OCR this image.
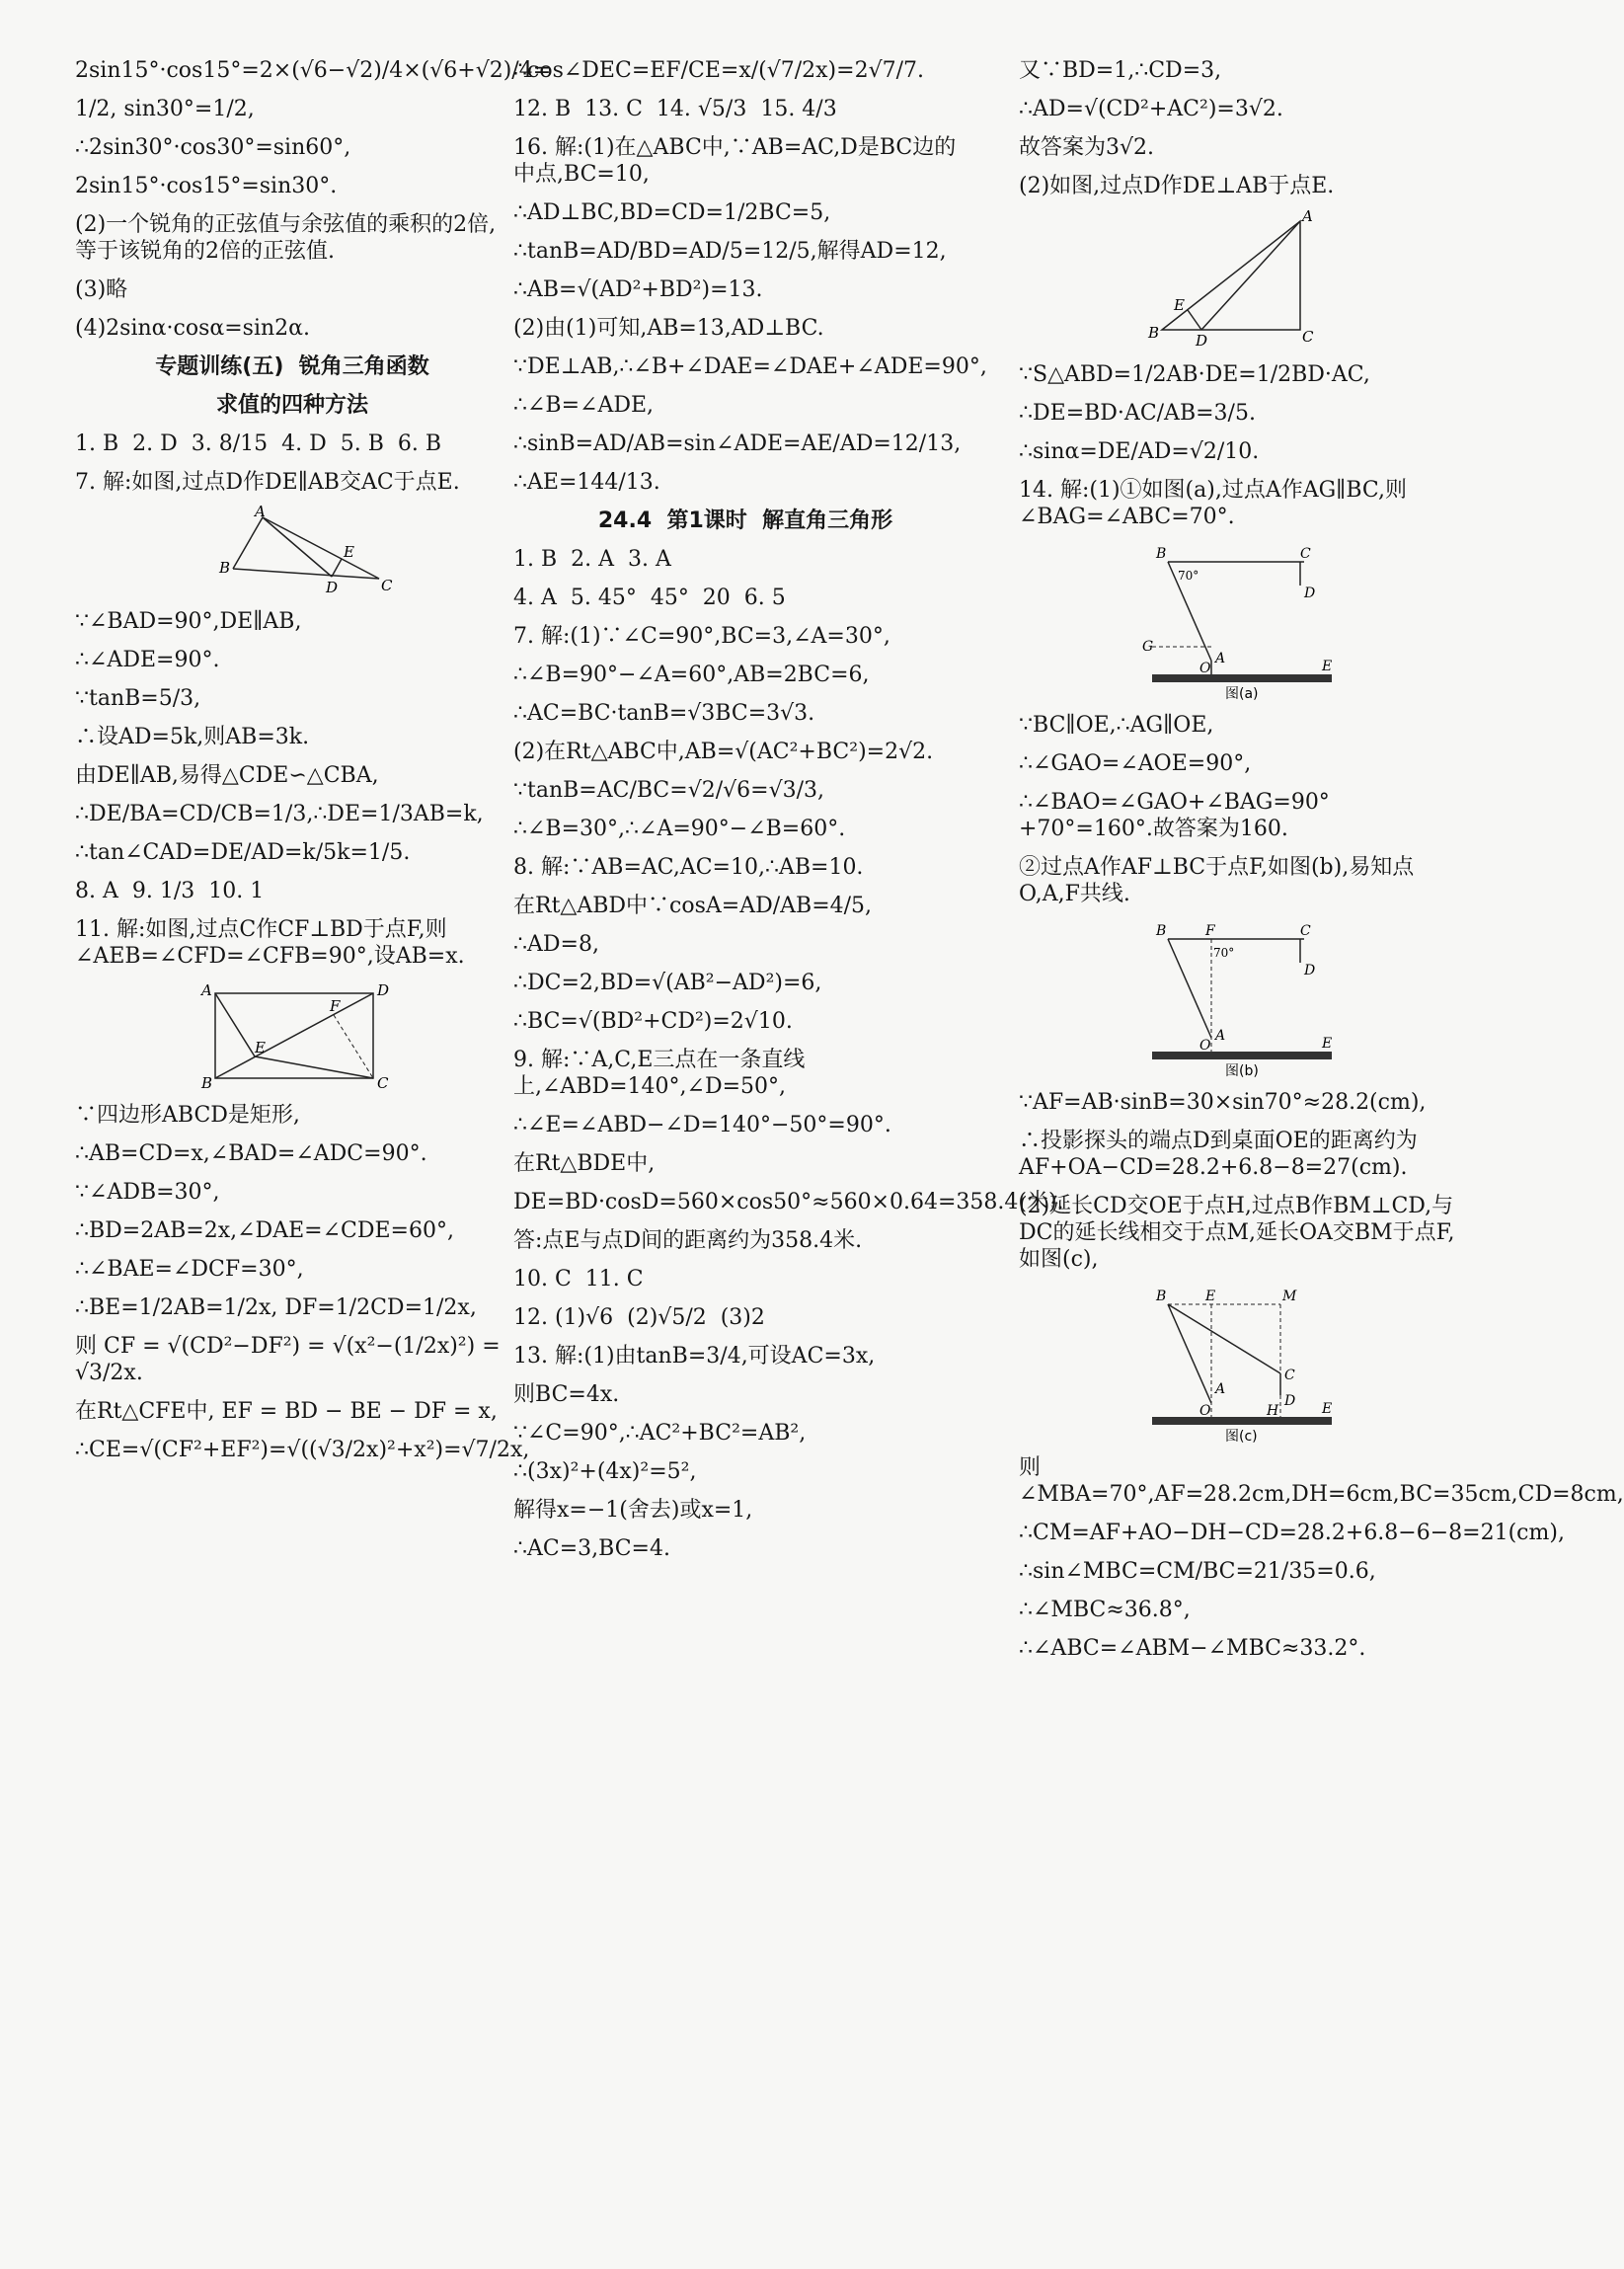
2sin15°·cos15°=2×(√6−√2)/4×(√6+√2)/4=

1/2, sin30°=1/2,

∴2sin30°·cos30°=sin60°,

2sin15°·cos15°=sin30°.

(2)一个锐角的正弦值与余弦值的乘积的2倍,等于该锐角的2倍的正弦值.

(3)略

(4)2sinα·cosα=sin2α.

专题训练(五)  锐角三角函数

求值的四种方法

1. B  2. D  3. 8/15  4. D  5. B  6. B

7. 解:如图,过点D作DE∥AB交AC于点E.

A
B
E
D	C

∵∠BAD=90°,DE∥AB,

∴∠ADE=90°.

∵tanB=5/3,

∴设AD=5k,则AB=3k.

由DE∥AB,易得△CDE∽△CBA,

∴DE/BA=CD/CB=1/3,∴DE=1/3AB=k,

∴tan∠CAD=DE/AD=k/5k=1/5.

8. A  9. 1/3  10. 1

11. 解:如图,过点C作CF⊥BD于点F,则∠AEB=∠CFD=∠CFB=90°,设AB=x.

A	D
B	C
E
F

∵四边形ABCD是矩形,

∴AB=CD=x,∠BAD=∠ADC=90°.

∵∠ADB=30°,

∴BD=2AB=2x,∠DAE=∠CDE=60°,

∴∠BAE=∠DCF=30°,

∴BE=1/2AB=1/2x, DF=1/2CD=1/2x,

则 CF = √(CD²−DF²) = √(x²−(1/2x)²) = √3/2x.

在Rt△CFE中, EF = BD − BE − DF = x,

∴CE=√(CF²+EF²)=√((√3/2x)²+x²)=√7/2x,

∴cos∠DEC=EF/CE=x/(√7/2x)=2√7/7.

12. B  13. C  14. √5/3  15. 4/3

16. 解:(1)在△ABC中,∵AB=AC,D是BC边的中点,BC=10,

∴AD⊥BC,BD=CD=1/2BC=5,

∴tanB=AD/BD=AD/5=12/5,解得AD=12,

∴AB=√(AD²+BD²)=13.

(2)由(1)可知,AB=13,AD⊥BC.

∵DE⊥AB,∴∠B+∠DAE=∠DAE+∠ADE=90°,

∴∠B=∠ADE,

∴sinB=AD/AB=sin∠ADE=AE/AD=12/13,

∴AE=144/13.

24.4  第1课时  解直角三角形

1. B  2. A  3. A

4. A  5. 45°  45°  20  6. 5

7. 解:(1)∵∠C=90°,BC=3,∠A=30°,

∴∠B=90°−∠A=60°,AB=2BC=6,

∴AC=BC·tanB=√3BC=3√3.

(2)在Rt△ABC中,AB=√(AC²+BC²)=2√2.

∵tanB=AC/BC=√2/√6=√3/3,

∴∠B=30°,∴∠A=90°−∠B=60°.

8. 解:∵AB=AC,AC=10,∴AB=10.

在Rt△ABD中∵cosA=AD/AB=4/5,

∴AD=8,

∴DC=2,BD=√(AB²−AD²)=6,

∴BC=√(BD²+CD²)=2√10.

9. 解:∵A,C,E三点在一条直线上,∠ABD=140°,∠D=50°,

∴∠E=∠ABD−∠D=140°−50°=90°.

在Rt△BDE中,

DE=BD·cosD=560×cos50°≈560×0.64=358.4(米).

答:点E与点D间的距离约为358.4米.

10. C  11. C

12. (1)√6  (2)√5/2  (3)2

13. 解:(1)由tanB=3/4,可设AC=3x,

则BC=4x.

∵∠C=90°,∴AC²+BC²=AB²,

∴(3x)²+(4x)²=5²,

解得x=−1(舍去)或x=1,

∴AC=3,BC=4.

又∵BD=1,∴CD=3,

∴AD=√(CD²+AC²)=3√2.

故答案为3√2.

(2)如图,过点D作DE⊥AB于点E.

A
B	C
D
E

∵S△ABD=1/2AB·DE=1/2BD·AC,

∴DE=BD·AC/AB=3/5.

∴sinα=DE/AD=√2/10.

14. 解:(1)①如图(a),过点A作AG∥BC,则∠BAG=∠ABC=70°.

B	C
D
G
A
O	E
70°
图(a)

∵BC∥OE,∴AG∥OE,

∴∠GAO=∠AOE=90°,

∴∠BAO=∠GAO+∠BAG=90°+70°=160°.故答案为160.

②过点A作AF⊥BC于点F,如图(b),易知点O,A,F共线.

B	F	C
D
A
O	E
70°
图(b)

∵AF=AB·sinB=30×sin70°≈28.2(cm),

∴投影探头的端点D到桌面OE的距离约为AF+OA−CD=28.2+6.8−8=27(cm).

(2)延长CD交OE于点H,过点B作BM⊥CD,与DC的延长线相交于点M,延长OA交BM于点F,如图(c),

B	E	M
C
D
A
O	H	E
图(c)

则∠MBA=70°,AF=28.2cm,DH=6cm,BC=35cm,CD=8cm,

∴CM=AF+AO−DH−CD=28.2+6.8−6−8=21(cm),

∴sin∠MBC=CM/BC=21/35=0.6,

∴∠MBC≈36.8°,

∴∠ABC=∠ABM−∠MBC≈33.2°.
